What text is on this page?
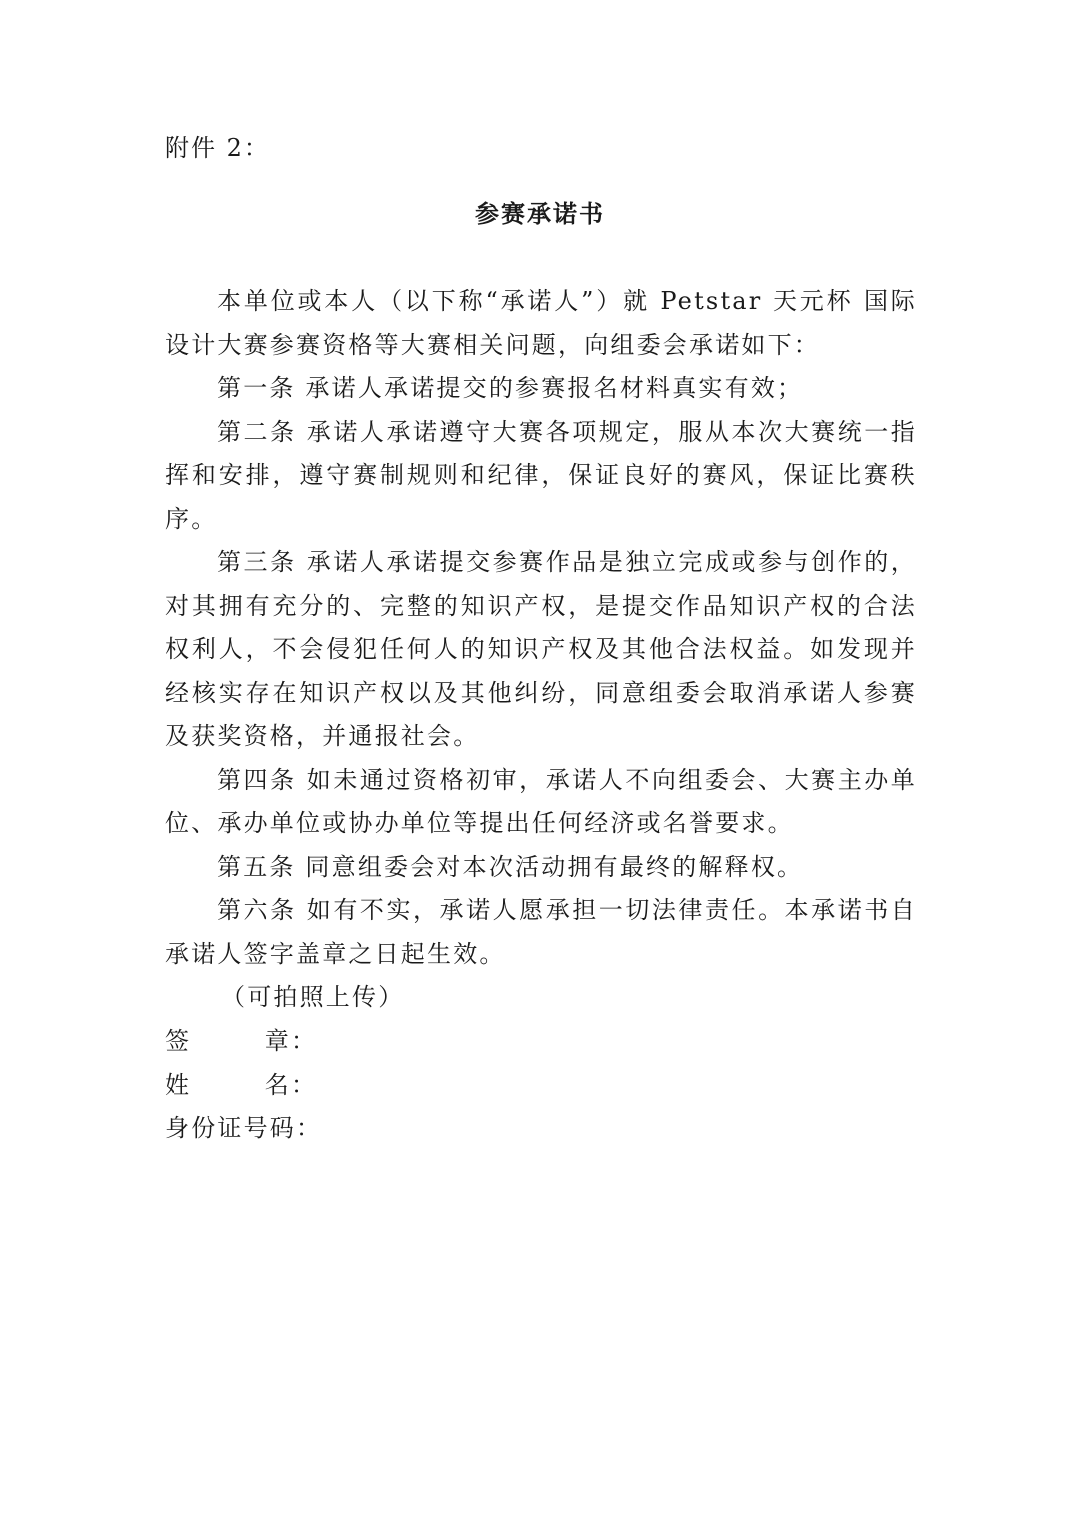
附件 2：
参赛承诺书

本单位或本人（以下称“承诺人”）就 Petstar 天元杯 国际设计大赛参赛资格等大赛相关问题，向组委会承诺如下：

第一条 承诺人承诺提交的参赛报名材料真实有效；

第二条 承诺人承诺遵守大赛各项规定，服从本次大赛统一指挥和安排，遵守赛制规则和纪律，保证良好的赛风，保证比赛秩序。

第三条 承诺人承诺提交参赛作品是独立完成或参与创作的，对其拥有充分的、完整的知识产权，是提交作品知识产权的合法权利人，不会侵犯任何人的知识产权及其他合法权益。如发现并经核实存在知识产权以及其他纠纷，同意组委会取消承诺人参赛及获奖资格，并通报社会。

第四条 如未通过资格初审，承诺人不向组委会、大赛主办单位、承办单位或协办单位等提出任何经济或名誉要求。

第五条 同意组委会对本次活动拥有最终的解释权。

第六条 如有不实，承诺人愿承担一切法律责任。本承诺书自承诺人签字盖章之日起生效。

（可拍照上传）

签	章 ：
姓	名 ：
身份证号码 ：
